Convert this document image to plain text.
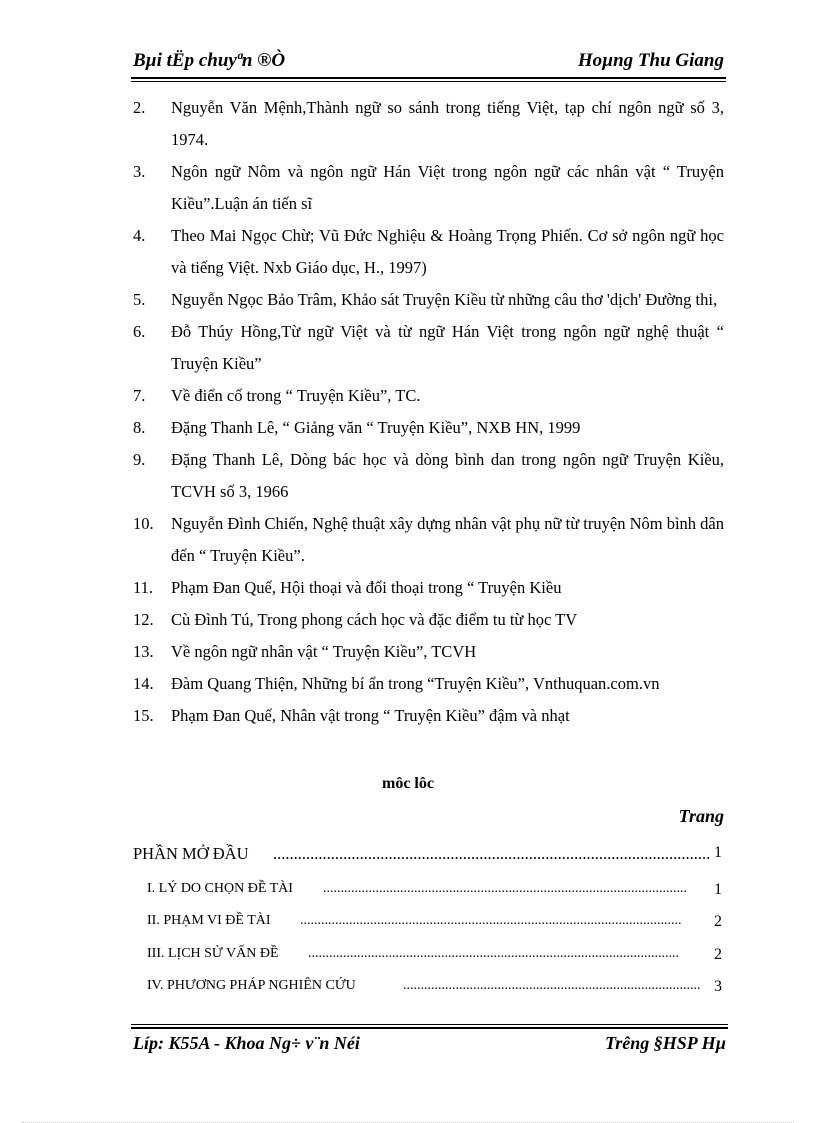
Bµi tËp chuyªn ®Ò	Hoµng Thu Giang
2. Nguyễn Văn Mệnh,Thành ngữ so sánh trong tiếng Việt, tạp chí ngôn ngữ số 3, 1974.
3. Ngôn ngữ Nôm và ngôn ngữ Hán Việt trong ngôn ngữ các nhân vật “ Truyện Kiều”.Luận án tiến sĩ
4. Theo Mai Ngọc Chừ; Vũ Đức Nghiệu & Hoàng Trọng Phiến. Cơ sở ngôn ngữ học và tiếng Việt. Nxb Giáo dục, H., 1997)
5. Nguyễn Ngọc Bảo Trâm, Khảo sát Truyện Kiều từ những câu thơ 'dịch' Đường thi,
6. Đỗ Thúy Hồng,Từ ngữ Việt và từ ngữ Hán Việt trong ngôn ngữ nghệ thuật “ Truyện Kiều”
7. Về điển cố trong “ Truyện Kiều”, TC.
8. Đặng Thanh Lê, “ Giảng văn “ Truyện Kiều”, NXB HN, 1999
9. Đặng Thanh Lê, Dòng bác học và dòng bình dan trong ngôn ngữ Truyện Kiều, TCVH số 3, 1966
10. Nguyễn Đình Chiến, Nghệ thuật xây dựng nhân vật phụ nữ từ truyện Nôm bình dân đến “ Truyện Kiều”.
11. Phạm Đan Quế, Hội thoại và đối thoại trong “ Truyện Kiều
12. Cù Đình Tú, Trong phong cách học và đặc điểm tu từ học TV
13. Về ngôn ngữ nhân vật “ Truyện Kiều”, TCVH
14. Đàm Quang Thiện, Những bí ẩn trong “Truyện Kiều”, Vnthuquan.com.vn
15. Phạm Đan Quế, Nhân vật trong “ Truyện Kiều” đậm và nhạt
môc lôc
Trang
PHẦN MỞ ĐẦU .......................................................................................................... 1
I. LÝ DO CHỌN ĐỀ TÀI ........................................................................................................	1
II. PHẠM VI ĐỀ TÀI .............................................................................................................	2
III. LỊCH SỬ VẤN ĐỀ ..........................................................................................................	2
IV. PHƯƠNG PHÁP NGHIÊN CỨU	..................................................................................... 3
Líp: K55A - Khoa Ng÷ v¨n Néi	Trêng §HSP Hµ
